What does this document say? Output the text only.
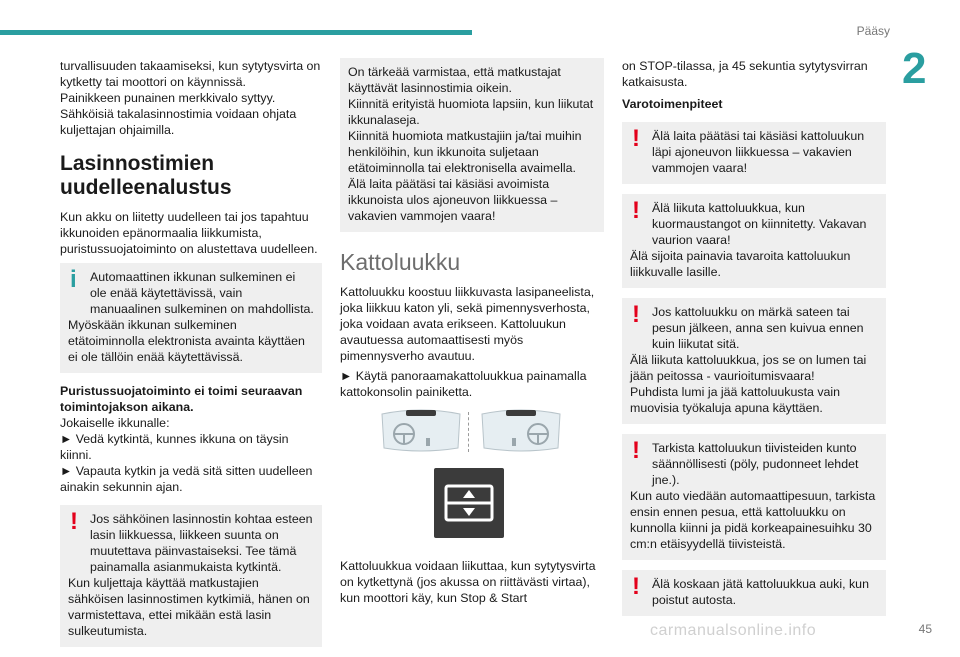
Pääsy
2
turvallisuuden takaamiseksi, kun sytytysvirta on kytketty tai moottori on käynnissä.
Painikkeen punainen merkkivalo syttyy.
Sähköisiä takalasinnostimia voidaan ohjata kuljettajan ohjaimilla.
Lasinnostimien uudelleenalustus

Kun akku on liitetty uudelleen tai jos tapahtuu ikkunoiden epänormaalia liikkumista, puristussuojatoiminto on alustettava uudelleen.

i	Automaattinen ikkunan sulkeminen ei ole enää käytettävissä, vain manuaalinen sulkeminen on mahdollista.
Myöskään ikkunan sulkeminen etätoiminnolla elektronista avainta käyttäen ei ole tällöin enää käytettävissä.
Puristussuojatoiminto ei toimi seuraavan toimintojakson aikana.
Jokaiselle ikkunalle:
► Vedä kytkintä, kunnes ikkuna on täysin kiinni.
► Vapauta kytkin ja vedä sitä sitten uudelleen ainakin sekunnin ajan.
! Jos sähköinen lasinnostin kohtaa esteen lasin liikkuessa, liikkeen suunta on muutettava päinvastaiseksi. Tee tämä painamalla asianmukaista kytkintä.
Kun kuljettaja käyttää matkustajien sähköisen lasinnostimen kytkimiä, hänen on varmistettava, ettei mikään estä lasin sulkeutumista.
On tärkeää varmistaa, että matkustajat käyttävät lasinnostimia oikein.
Kiinnitä erityistä huomiota lapsiin, kun liikutat ikkunalaseja.
Kiinnitä huomiota matkustajiin ja/tai muihin henkilöihin, kun ikkunoita suljetaan etätoiminnolla tai elektronisella avaimella.
Älä laita päätäsi tai käsiäsi avoimista ikkunoista ulos ajoneuvon liikkuessa – vakavien vammojen vaara!
Kattoluukku

Kattoluukku koostuu liikkuvasta lasipaneelista, joka liikkuu katon yli, sekä pimennysverhosta, joka voidaan avata erikseen. Kattoluukun avautuessa automaattisesti myös pimennysverho avautuu.

► Käytä panoraamakattoluukkua painamalla kattokonsolin painiketta.

Kattoluukkua voidaan liikuttaa, kun sytytysvirta on kytkettynä (jos akussa on riittävästi virtaa), kun moottori käy, kun Stop & Start

on STOP-tilassa, ja 45 sekuntia sytytysvirran katkaisusta.

Varotoimenpiteet
! Älä laita päätäsi tai käsiäsi kattoluukun läpi ajoneuvon liikkuessa – vakavien vammojen vaara!
! Älä liikuta kattoluukkua, kun kuormaustangot on kiinnitetty. Vakavan vaurion vaara!
Älä sijoita painavia tavaroita kattoluukun liikkuvalle lasille.
! Jos kattoluukku on märkä sateen tai pesun jälkeen, anna sen kuivua ennen kuin liikutat sitä.
Älä liikuta kattoluukkua, jos se on lumen tai jään peitossa - vaurioitumisvaara!
Puhdista lumi ja jää kattoluukusta vain muovisia työkaluja apuna käyttäen.
! Tarkista kattoluukun tiivisteiden kunto säännöllisesti (pöly, pudonneet lehdet jne.).
Kun auto viedään automaattipesuun, tarkista ensin ennen pesua, että kattoluukku on kunnolla kiinni ja pidä korkeapainesuihku 30 cm:n etäisyydellä tiivisteistä.
! Älä koskaan jätä kattoluukkua auki, kun poistut autosta.
carmanualsonline.info	45
